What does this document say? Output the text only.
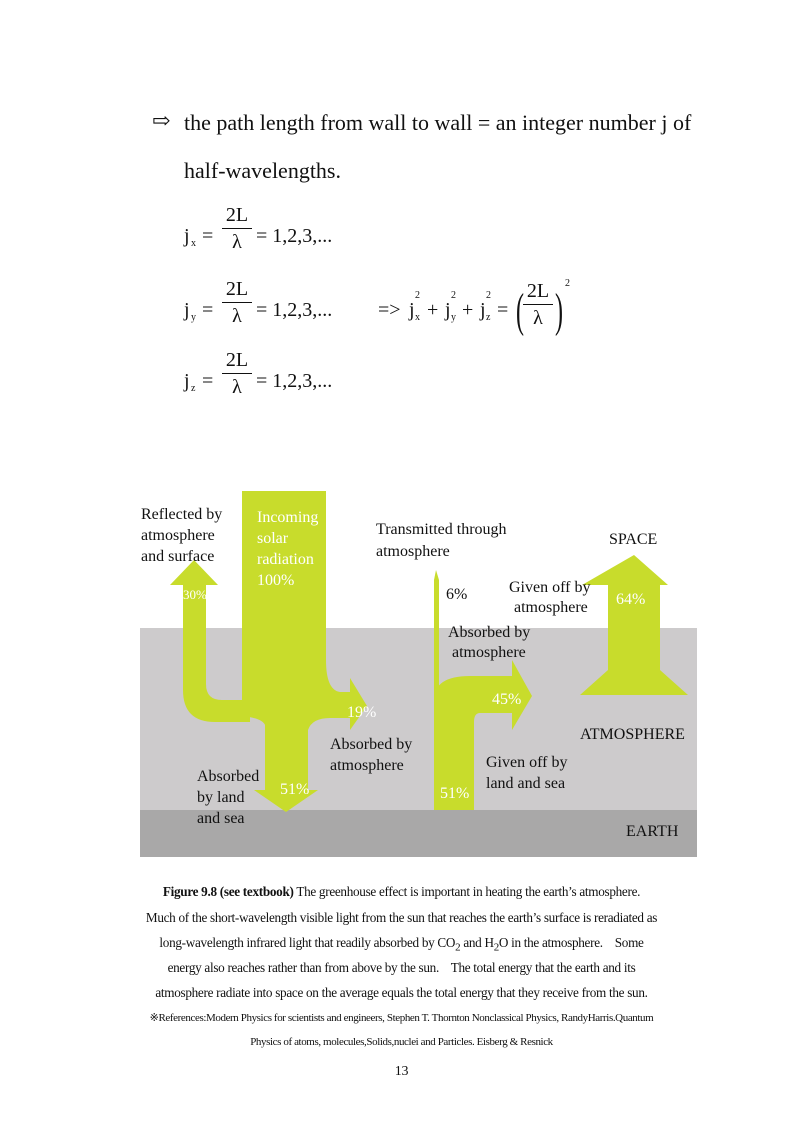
⇨ the path length from wall to wall = an integer number j of
half-wavelengths.
j x =
2L
λ = 1,2,3,...
j y =
2L
λ = 1,2,3,... => j
2
x + j
2
y + j
2
z = ( 2L
λ )
2
j z =
2L
λ = 1,2,3,...
Reflected by atmosphere and surface
Transmitted through atmosphere
SPACE
Given off by atmosphere
Absorbed by atmosphere
Absorbed by atmosphere
Absorbed by land and sea
Given off by land and sea
ATMOSPHERE
EARTH
6%
Incoming solar radiation 100%
30%	64%
19%
45%
51%	51%
Figure 9.8 (see textbook) The greenhouse effect is important in heating the earth’s atmosphere.
Much of the short-wavelength visible light from the sun that reaches the earth’s surface is reradiated as
long-wavelength infrared light that readily absorbed by $CO_2$ and $H_2O$ in the atmosphere.    Some
energy also reaches rather than from above by the sun.    The total energy that the earth and its
atmosphere radiate into space on the average equals the total energy that they receive from the sun.
※References:Modern Physics for scientists and engineers, Stephen T. Thornton Nonclassical Physics, RandyHarris.Quantum
Physics of atoms, molecules,Solids,nuclei and Particles. Eisberg & Resnick
13
